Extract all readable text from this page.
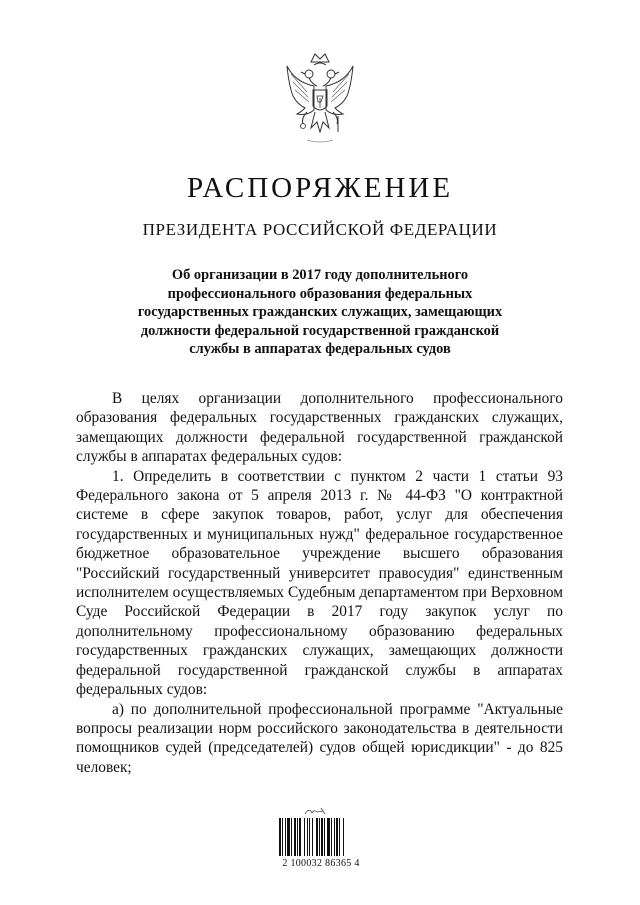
РАСПОРЯЖЕНИЕ
ПРЕЗИДЕНТА РОССИЙСКОЙ ФЕДЕРАЦИИ
Об организации в 2017 году дополнительного
профессионального образования федеральных
государственных гражданских служащих, замещающих
должности федеральной государственной гражданской
службы в аппаратах федеральных судов

В целях организации дополнительного профессионального образования федеральных государственных гражданских служащих, замещающих должности федеральной государственной гражданской службы в аппаратах федеральных судов:

1. Определить в соответствии с пунктом 2 части 1 статьи 93 Федерального закона от 5 апреля 2013 г. № 44-ФЗ "О контрактной системе в сфере закупок товаров, работ, услуг для обеспечения государственных и муниципальных нужд" федеральное государственное бюджетное образовательное учреждение высшего образования "Российский государственный университет правосудия" единственным исполнителем осуществляемых Судебным департаментом при Верховном Суде Российской Федерации в 2017 году закупок услуг по дополнительному профессиональному образованию федеральных государственных гражданских служащих, замещающих должности федеральной государственной гражданской службы в аппаратах федеральных судов:

а) по дополнительной профессиональной программе "Актуальные вопросы реализации норм российского законодательства в деятельности помощников судей (председателей) судов общей юрисдикции" - до 825 человек;

2 100032 86365 4
